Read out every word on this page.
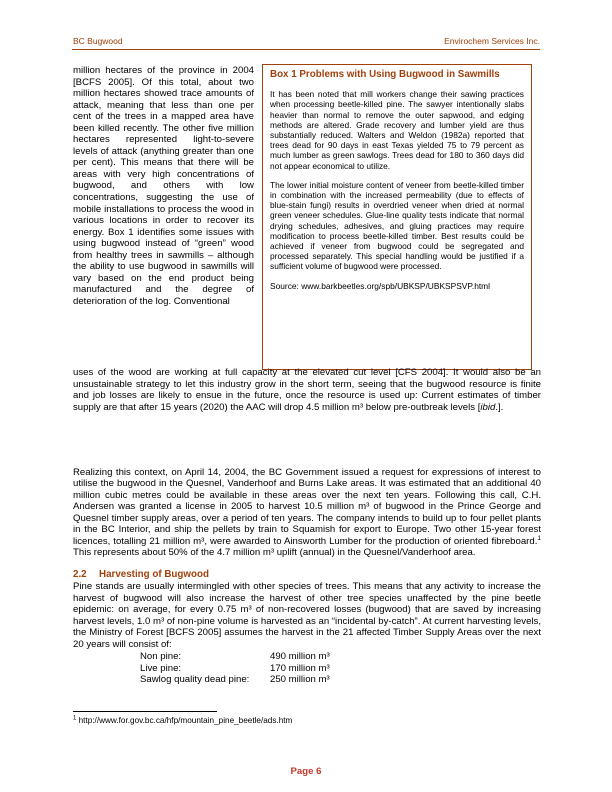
BC Bugwood	Envirochem Services Inc.

million hectares of the province in 2004 [BCFS 2005]. Of this total, about two million hectares showed trace amounts of attack, meaning that less than one per cent of the trees in a mapped area have been killed recently. The other five million hectares represented light-to-severe levels of attack (anything greater than one per cent). This means that there will be areas with very high concentrations of bugwood, and others with low concentrations, suggesting the use of mobile installations to process the wood in various locations in order to recover its energy. Box 1 identifies some issues with using bugwood instead of “green” wood from healthy trees in sawmills – although the ability to use bugwood in sawmills will vary based on the end product being manufactured and the degree of deterioration of the log. Conventional

Box 1 Problems with Using Bugwood in Sawmills

It has been noted that mill workers change their sawing practices when processing beetle-killed pine. The sawyer intentionally slabs heavier than normal to remove the outer sapwood, and edging methods are altered. Grade recovery and lumber yield are thus substantially reduced. Walters and Weldon (1982a) reported that trees dead for 90 days in east Texas yielded 75 to 79 percent as much lumber as green sawlogs. Trees dead for 180 to 360 days did not appear economical to utilize.

The lower initial moisture content of veneer from beetle-killed timber in combination with the increased permeability (due to effects of blue-stain fungi) results in overdried veneer when dried at normal green veneer schedules. Glue-line quality tests indicate that normal drying schedules, adhesives, and gluing practices may require modification to process beetle-killed timber. Best results could be achieved if veneer from bugwood could be segregated and processed separately. This special handling would be justified if a sufficient volume of bugwood were processed.

Source: www.barkbeetles.org/spb/UBKSP/UBKSPSVP.html

uses of the wood are working at full capacity at the elevated cut level [CFS 2004]. It would also be an unsustainable strategy to let this industry grow in the short term, seeing that the bugwood resource is finite and job losses are likely to ensue in the future, once the resource is used up: Current estimates of timber supply are that after 15 years (2020) the AAC will drop 4.5 million m³ below pre-outbreak levels [ibid.].

Realizing this context, on April 14, 2004, the BC Government issued a request for expressions of interest to utilise the bugwood in the Quesnel, Vanderhoof and Burns Lake areas. It was estimated that an additional 40 million cubic metres could be available in these areas over the next ten years. Following this call, C.H. Andersen was granted a license in 2005 to harvest 10.5 million m³ of bugwood in the Prince George and Quesnel timber supply areas, over a period of ten years. The company intends to build up to four pellet plants in the BC Interior, and ship the pellets by train to Squamish for export to Europe. Two other 15-year forest licences, totalling 21 million m³, were awarded to Ainsworth Lumber for the production of oriented fibreboard.$^1$ This represents about 50% of the 4.7 million m³ uplift (annual) in the Quesnel/Vanderhoof area.

2.2 Harvesting of Bugwood

Pine stands are usually intermingled with other species of trees. This means that any activity to increase the harvest of bugwood will also increase the harvest of other tree species unaffected by the pine beetle epidemic: on average, for every 0.75 m³ of non-recovered losses (bugwood) that are saved by increasing harvest levels, 1.0 m³ of non-pine volume is harvested as an “incidental by-catch”. At current harvesting levels, the Ministry of Forest [BCFS 2005] assumes the harvest in the 21 affected Timber Supply Areas over the next 20 years will consist of:

Non pine:	490 million m³
Live pine:	170 million m³
Sawlog quality dead pine:	250 million m³
$^1$ http://www.for.gov.bc.ca/hfp/mountain_pine_beetle/ads.htm
Page 6
